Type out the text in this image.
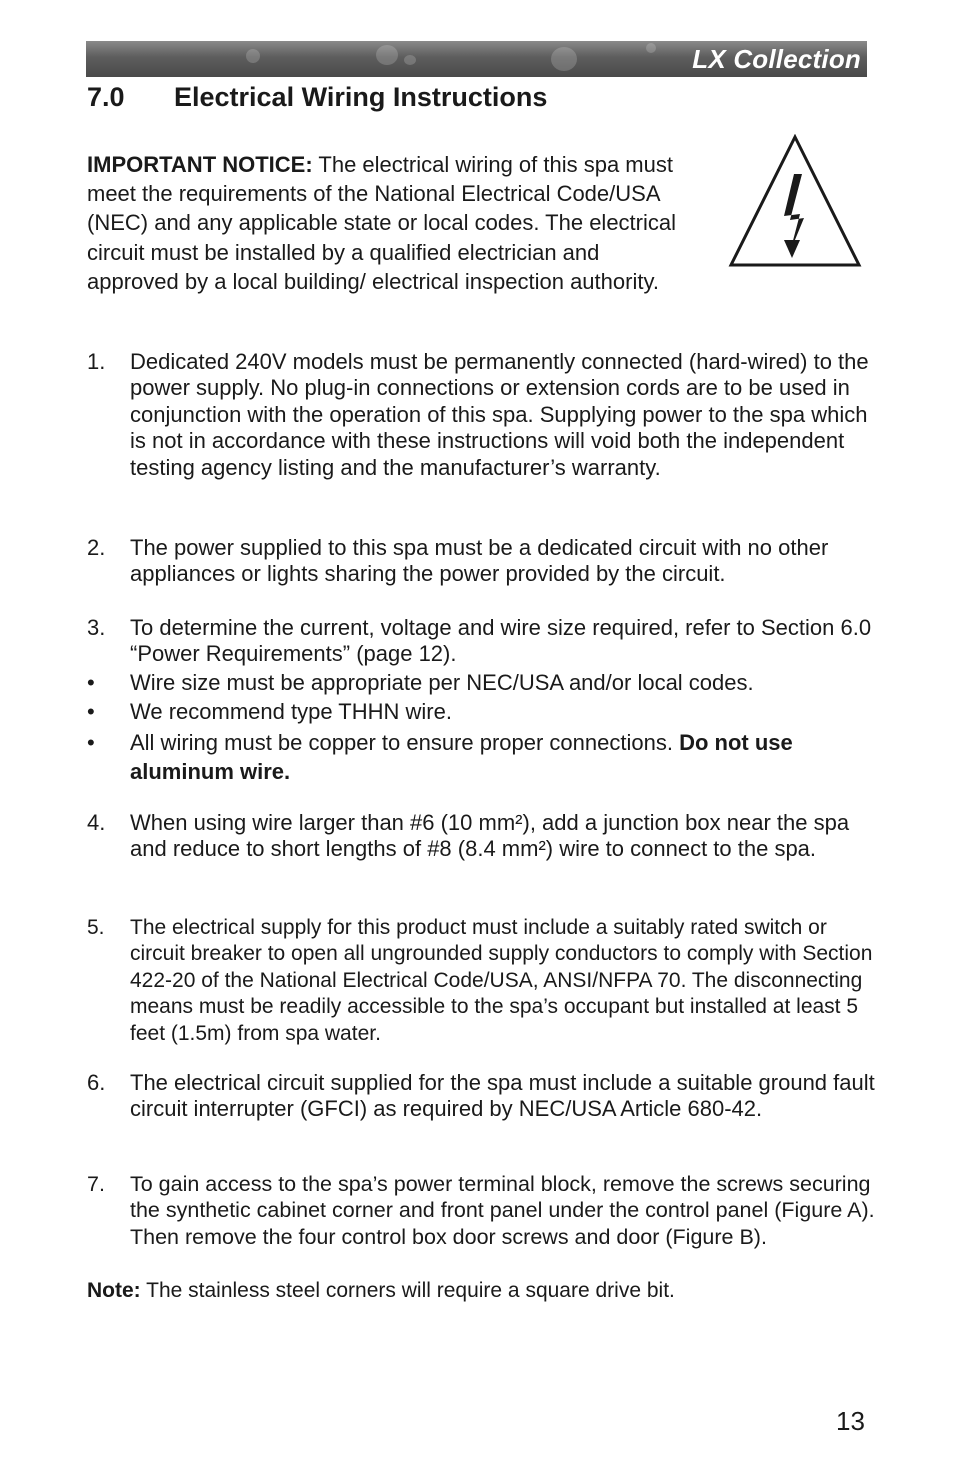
LX Collection
7.0 Electrical Wiring Instructions
IMPORTANT NOTICE: The electrical wiring of this spa must meet the requirements of the National Electrical Code/USA (NEC) and any applicable state or local codes. The electrical circuit must be installed by a qualified electrician and approved by a local building/ electrical inspection authority.
1. Dedicated 240V models must be permanently connected (hard-wired) to the power supply. No plug-in connections or extension cords are to be used in conjunction with the operation of this spa. Supplying power to the spa which is not in accordance with these instructions will void both the independent testing agency listing and the manufacturer’s warranty.
2. The power supplied to this spa must be a dedicated circuit with no other appliances or lights sharing the power provided by the circuit.
3. To determine the current, voltage and wire size required, refer to Section 6.0 “Power Requirements” (page 12).
• Wire size must be appropriate per NEC/USA and/or local codes.
• We recommend type THHN wire.
• All wiring must be copper to ensure proper connections. Do not use aluminum wire.
4. When using wire larger than #6 (10 mm²), add a junction box near the spa and reduce to short lengths of #8 (8.4 mm²) wire to connect to the spa.
5. The electrical supply for this product must include a suitably rated switch or circuit breaker to open all ungrounded supply conductors to comply with Section 422-20 of the National Electrical Code/USA, ANSI/NFPA 70. The disconnecting means must be readily accessible to the spa’s occupant but installed at least 5 feet (1.5m) from spa water.
6. The electrical circuit supplied for the spa must include a suitable ground fault circuit interrupter (GFCI) as required by NEC/USA Article 680-42.
7. To gain access to the spa’s power terminal block, remove the screws securing the synthetic cabinet corner and front panel under the control panel (Figure A). Then remove the four control box door screws and door (Figure B).
Note: The stainless steel corners will require a square drive bit.
13
